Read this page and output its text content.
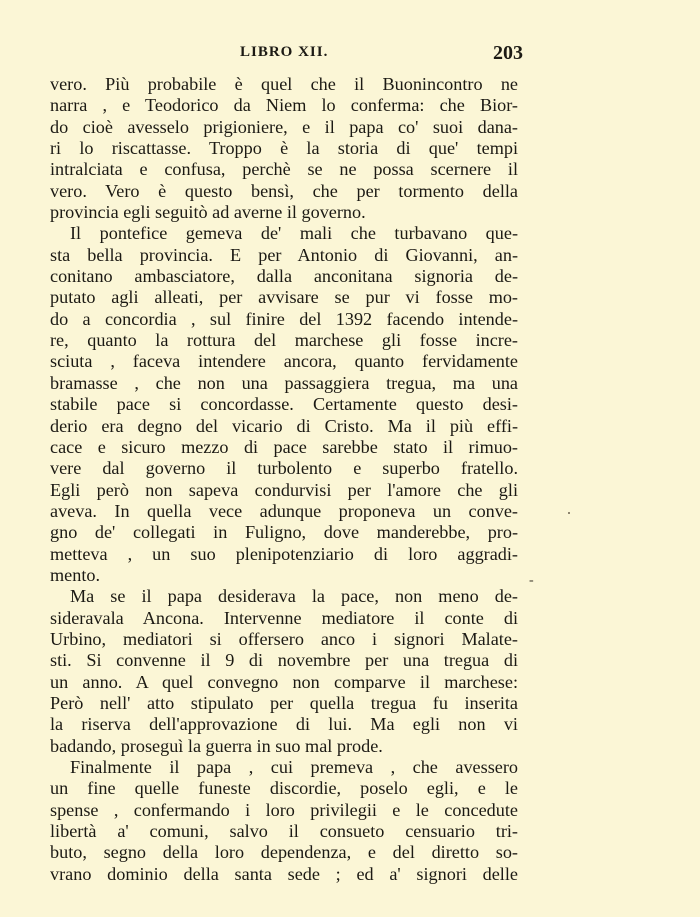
LIBRO XII.	203
vero. Più probabile è quel che il Buonincontro ne
narra , e Teodorico da Niem lo conferma: che Bior-
do cioè avesselo prigioniere, e il papa co' suoi dana-
ri lo riscattasse. Troppo è la storia di que' tempi
intralciata e confusa, perchè se ne possa scernere il
vero. Vero è questo bensì, che per tormento della
provincia egli seguitò ad averne il governo.
Il pontefice gemeva de' mali che turbavano que-
sta bella provincia. E per Antonio di Giovanni, an-
conitano ambasciatore, dalla anconitana signoria de-
putato agli alleati, per avvisare se pur vi fosse mo-
do a concordia , sul finire del 1392 facendo intende-
re, quanto la rottura del marchese gli fosse incre-
sciuta , faceva intendere ancora, quanto fervidamente
bramasse , che non una passaggiera tregua, ma una
stabile pace si concordasse. Certamente questo desi-
derio era degno del vicario di Cristo. Ma il più effi-
cace e sicuro mezzo di pace sarebbe stato il rimuo-
vere dal governo il turbolento e superbo fratello.
Egli però non sapeva condurvisi per l'amore che gli
aveva. In quella vece adunque proponeva un conve-
gno de' collegati in Fuligno, dove manderebbe, pro-
metteva , un suo plenipotenziario di loro aggradi-
mento.
Ma se il papa desiderava la pace, non meno de-
sideravala Ancona. Intervenne mediatore il conte di
Urbino, mediatori si offersero anco i signori Malate-
sti. Si convenne il 9 di novembre per una tregua di
un anno. A quel convegno non comparve il marchese:
Però nell' atto stipulato per quella tregua fu inserita
la riserva dell'approvazione di lui. Ma egli non vi
badando, proseguì la guerra in suo mal prode.
Finalmente il papa , cui premeva , che avessero
un fine quelle funeste discordie, poselo egli, e le
spense , confermando i loro privilegii e le concedute
libertà a' comuni, salvo il consueto censuario tri-
buto, segno della loro dependenza, e del diretto so-
vrano dominio della santa sede ; ed a' signori delle
-
